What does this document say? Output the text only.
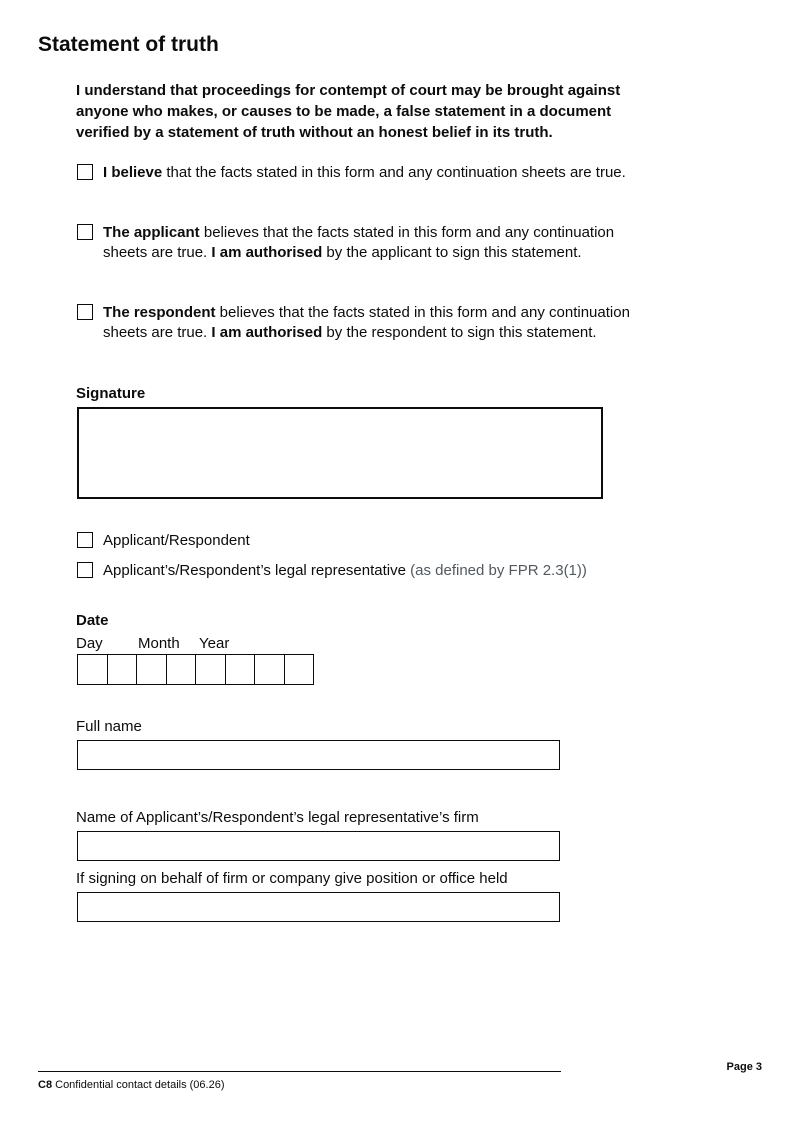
Statement of truth

I understand that proceedings for contempt of court may be brought against anyone who makes, or causes to be made, a false statement in a document verified by a statement of truth without an honest belief in its truth.

I believe that the facts stated in this form and any continuation sheets are true.
The applicant believes that the facts stated in this form and any continuation sheets are true. I am authorised by the applicant to sign this statement.
The respondent believes that the facts stated in this form and any continuation sheets are true. I am authorised by the respondent to sign this statement.
Signature
Applicant/Respondent
Applicant’s/Respondent’s legal representative (as defined by FPR 2.3(1))
Date
Day Month Year
Full name
Name of Applicant’s/Respondent’s legal representative’s firm
If signing on behalf of firm or company give position or office held
Page 3
C8 Confidential contact details (06.26)
